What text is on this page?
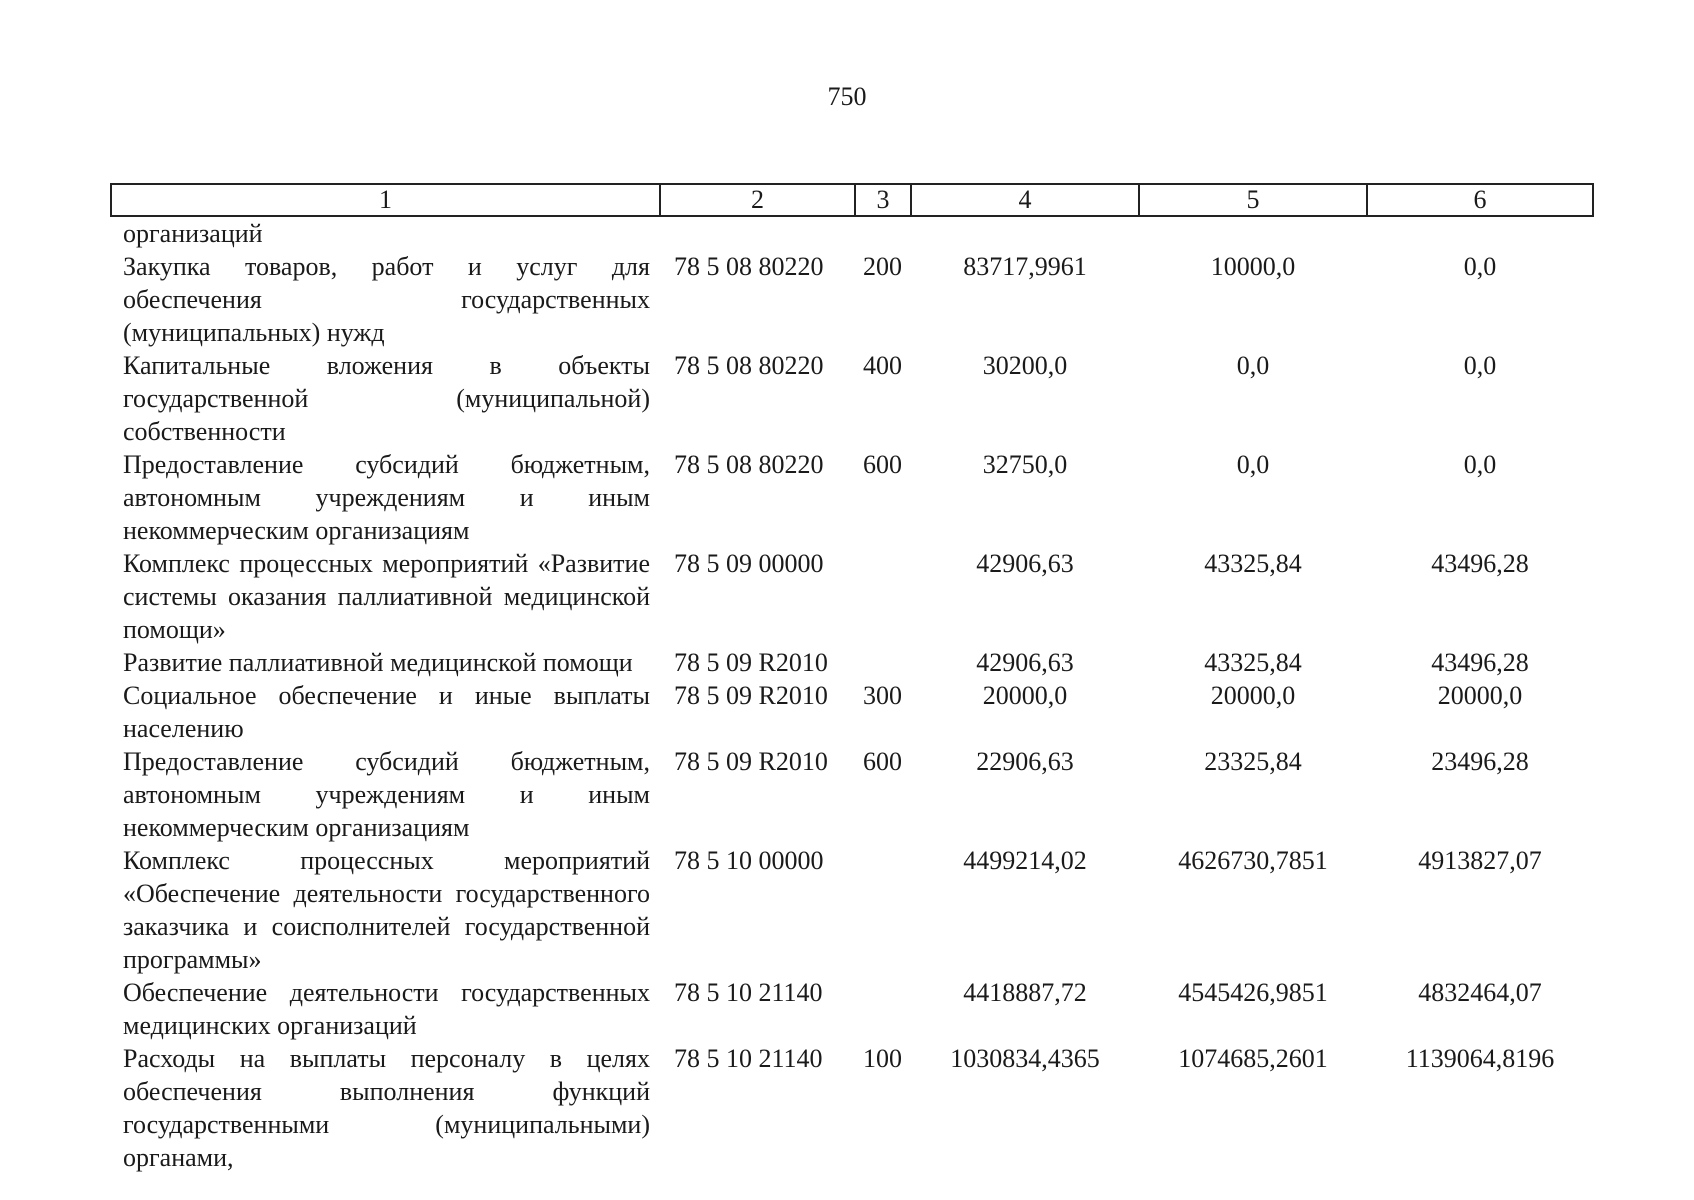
750
1	2	3	4	5	6
организаций					
Закупка товаров, работ и услуг для обеспечения государственных (муниципальных) нужд	78 5 08 80220	200	83717,9961	10000,0	0,0
Капитальные вложения в объекты государственной (муниципальной) собственности	78 5 08 80220	400	30200,0	0,0	0,0
Предоставление субсидий бюджетным, автономным учреждениям и иным некоммерческим организациям	78 5 08 80220	600	32750,0	0,0	0,0
Комплекс процессных мероприятий «Развитие системы оказания паллиативной медицинской помощи»	78 5 09 00000		42906,63	43325,84	43496,28
Развитие паллиативной медицинской помощи	78 5 09 R2010		42906,63	43325,84	43496,28
Социальное обеспечение и иные выплаты населению	78 5 09 R2010	300	20000,0	20000,0	20000,0
Предоставление субсидий бюджетным, автономным учреждениям и иным некоммерческим организациям	78 5 09 R2010	600	22906,63	23325,84	23496,28
Комплекс процессных мероприятий «Обеспечение деятельности государственного заказчика и соисполнителей государственной программы»	78 5 10 00000		4499214,02	4626730,7851	4913827,07
Обеспечение деятельности государственных медицинских организаций	78 5 10 21140		4418887,72	4545426,9851	4832464,07
Расходы на выплаты персоналу в целях обеспечения выполнения функций государственными (муниципальными) органами,	78 5 10 21140	100	1030834,4365	1074685,2601	1139064,8196
